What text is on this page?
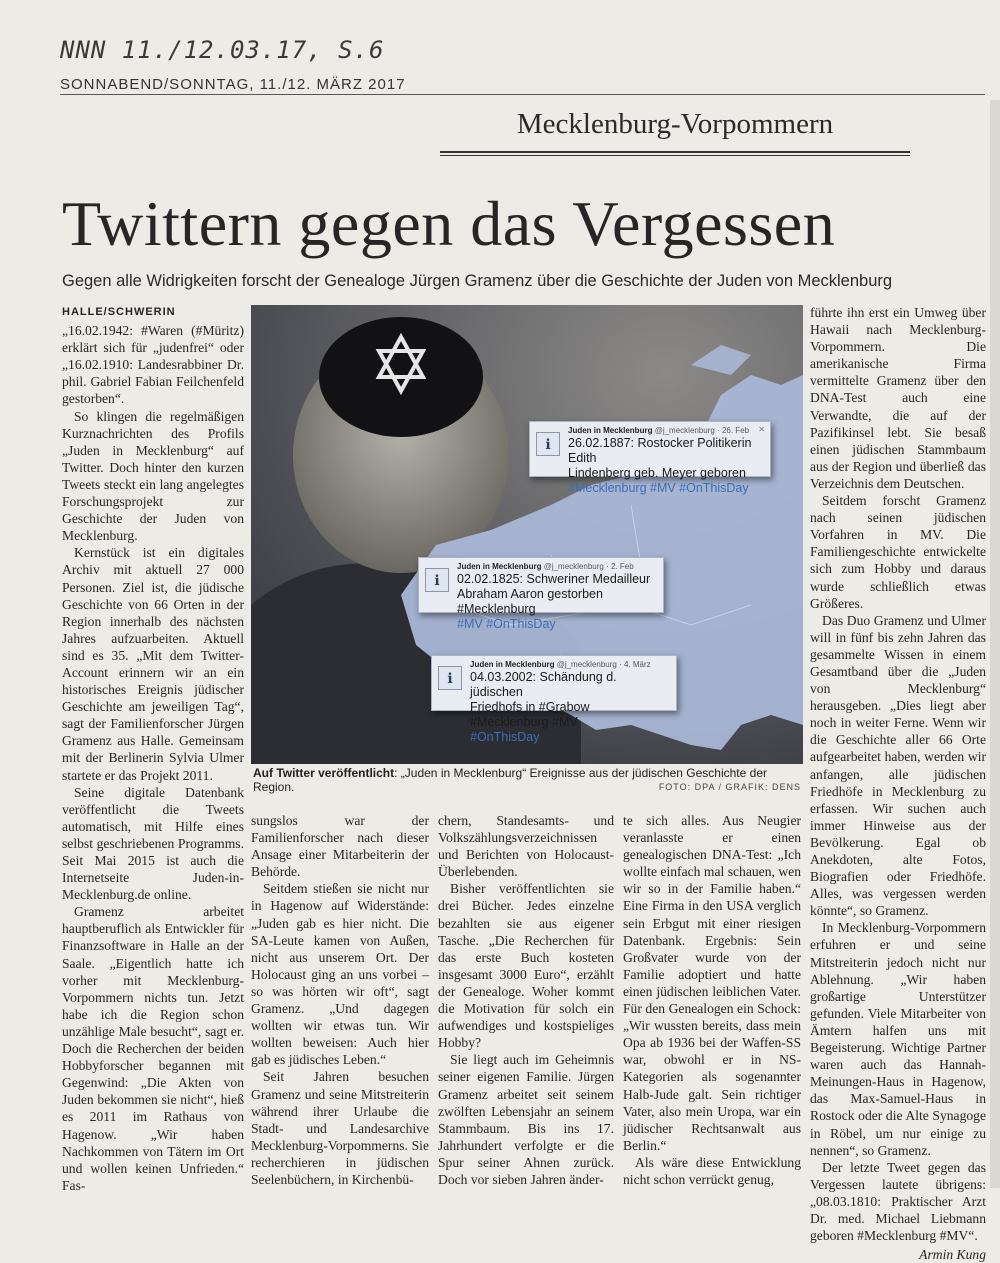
NNN 11./12.03.17, S.6
SONNABEND/SONNTAG, 11./12. MÄRZ 2017
Mecklenburg-Vorpommern
Twittern gegen das Vergessen
Gegen alle Widrigkeiten forscht der Genealoge Jürgen Gramenz über die Geschichte der Juden von Mecklenburg
HALLE/SCHWERIN

„16.02.1942: #Waren (#Müritz) erklärt sich für „judenfrei“ oder „16.02.1910: Landesrabbiner Dr. phil. Gabriel Fabian Feilchenfeld gestorben“.

So klingen die regelmäßigen Kurznachrichten des Profils „Juden in Mecklenburg“ auf Twitter. Doch hinter den kurzen Tweets steckt ein lang angelegtes Forschungsprojekt zur Geschichte der Juden von Mecklenburg.

Kernstück ist ein digitales Archiv mit aktuell 27 000 Personen. Ziel ist, die jüdische Geschichte von 66 Orten in der Region innerhalb des nächsten Jahres aufzuarbeiten. Aktuell sind es 35. „Mit dem Twitter-Account erinnern wir an ein historisches Ereignis jüdischer Geschichte am jeweiligen Tag“, sagt der Familienforscher Jürgen Gramenz aus Halle. Gemeinsam mit der Berlinerin Sylvia Ulmer startete er das Projekt 2011.

Seine digitale Datenbank veröffentlicht die Tweets automatisch, mit Hilfe eines selbst geschriebenen Programms. Seit Mai 2015 ist auch die Internetseite Juden-in-Mecklenburg.de online.

Gramenz arbeitet hauptberuflich als Entwickler für Finanzsoftware in Halle an der Saale. „Eigentlich hatte ich vorher mit Mecklenburg-Vorpommern nichts tun. Jetzt habe ich die Region schon unzählige Male besucht“, sagt er. Doch die Recherchen der beiden Hobbyforscher begannen mit Gegenwind: „Die Akten von Juden bekommen sie nicht“, hieß es 2011 im Rathaus von Hagenow. „Wir haben Nachkommen von Tätern im Ort und wollen keinen Unfrieden.“ Fas-

ℹ
✕
Juden in Mecklenburg @j_mecklenburg · 26. Feb
26.02.1887: Rostocker Politikerin Edith
Lindenberg geb. Meyer geboren
#Mecklenburg #MV #OnThisDay
ℹ
Juden in Mecklenburg @j_mecklenburg · 2. Feb
02.02.1825: Schweriner Medailleur
Abraham Aaron gestorben #Mecklenburg
#MV #OnThisDay
ℹ
Juden in Mecklenburg @j_mecklenburg · 4. März
04.03.2002: Schändung d. jüdischen
Friedhofs in #Grabow #Mecklenburg #MV
#OnThisDay
Auf Twitter veröffentlicht: „Juden in Mecklenburg“ Ereignisse aus der jüdischen Geschichte der Region.	FOTO: DPA / GRAFIK: DENS

sungslos war der Familienforscher nach dieser Ansage einer Mitarbeiterin der Behörde.

Seitdem stießen sie nicht nur in Hagenow auf Widerstände: „Juden gab es hier nicht. Die SA-Leute kamen von Außen, nicht aus unserem Ort. Der Holocaust ging an uns vorbei – so was hörten wir oft“, sagt Gramenz. „Und dagegen wollten wir etwas tun. Wir wollten beweisen: Auch hier gab es jüdisches Leben.“

Seit Jahren besuchen Gramenz und seine Mitstreiterin während ihrer Urlaube die Stadt- und Landesarchive Mecklenburg-Vorpommerns. Sie recherchieren in jüdischen Seelenbüchern, in Kirchenbü-

chern, Standesamts- und Volkszählungsverzeichnissen und Berichten von Holocaust-Überlebenden.

Bisher veröffentlichten sie drei Bücher. Jedes einzelne bezahlten sie aus eigener Tasche. „Die Recherchen für das erste Buch kosteten insgesamt 3000 Euro“, erzählt der Genealoge. Woher kommt die Motivation für solch ein aufwendiges und kostspieliges Hobby?

Sie liegt auch im Geheimnis seiner eigenen Familie. Jürgen Gramenz arbeitet seit seinem zwölften Lebensjahr an seinem Stammbaum. Bis ins 17. Jahrhundert verfolgte er die Spur seiner Ahnen zurück. Doch vor sieben Jahren änder-

te sich alles. Aus Neugier veranlasste er einen genealogischen DNA-Test: „Ich wollte einfach mal schauen, wen wir so in der Familie haben.“ Eine Firma in den USA verglich sein Erbgut mit einer riesigen Datenbank. Ergebnis: Sein Großvater wurde von der Familie adoptiert und hatte einen jüdischen leiblichen Vater. Für den Genealogen ein Schock: „Wir wussten bereits, dass mein Opa ab 1936 bei der Waffen-SS war, obwohl er in NS-Kategorien als sogenannter Halb-Jude galt. Sein richtiger Vater, also mein Uropa, war ein jüdischer Rechtsanwalt aus Berlin.“

Als wäre diese Entwicklung nicht schon verrückt genug,

führte ihn erst ein Umweg über Hawaii nach Mecklenburg-Vorpommern. Die amerikanische Firma vermittelte Gramenz über den DNA-Test auch eine Verwandte, die auf der Pazifikinsel lebt. Sie besaß einen jüdischen Stammbaum aus der Region und überließ das Verzeichnis dem Deutschen.

Seitdem forscht Gramenz nach seinen jüdischen Vorfahren in MV. Die Familiengeschichte entwickelte sich zum Hobby und daraus wurde schließlich etwas Größeres.

Das Duo Gramenz und Ulmer will in fünf bis zehn Jahren das gesammelte Wissen in einem Gesamtband über die „Juden von Mecklenburg“ herausgeben. „Dies liegt aber noch in weiter Ferne. Wenn wir die Geschichte aller 66 Orte aufgearbeitet haben, werden wir anfangen, alle jüdischen Friedhöfe in Mecklenburg zu erfassen. Wir suchen auch immer Hinweise aus der Bevölkerung. Egal ob Anekdoten, alte Fotos, Biografien oder Friedhöfe. Alles, was vergessen werden könnte“, so Gramenz.

In Mecklenburg-Vorpommern erfuhren er und seine Mitstreiterin jedoch nicht nur Ablehnung. „Wir haben großartige Unterstützer gefunden. Viele Mitarbeiter von Ämtern halfen uns mit Begeisterung. Wichtige Partner waren auch das Hannah-Meinungen-Haus in Hagenow, das Max-Samuel-Haus in Rostock oder die Alte Synagoge in Röbel, um nur einige zu nennen“, so Gramenz.

Der letzte Tweet gegen das Vergessen lautete übrigens: „08.03.1810: Praktischer Arzt Dr. med. Michael Liebmann geboren #Mecklenburg #MV“.

Armin Kung
